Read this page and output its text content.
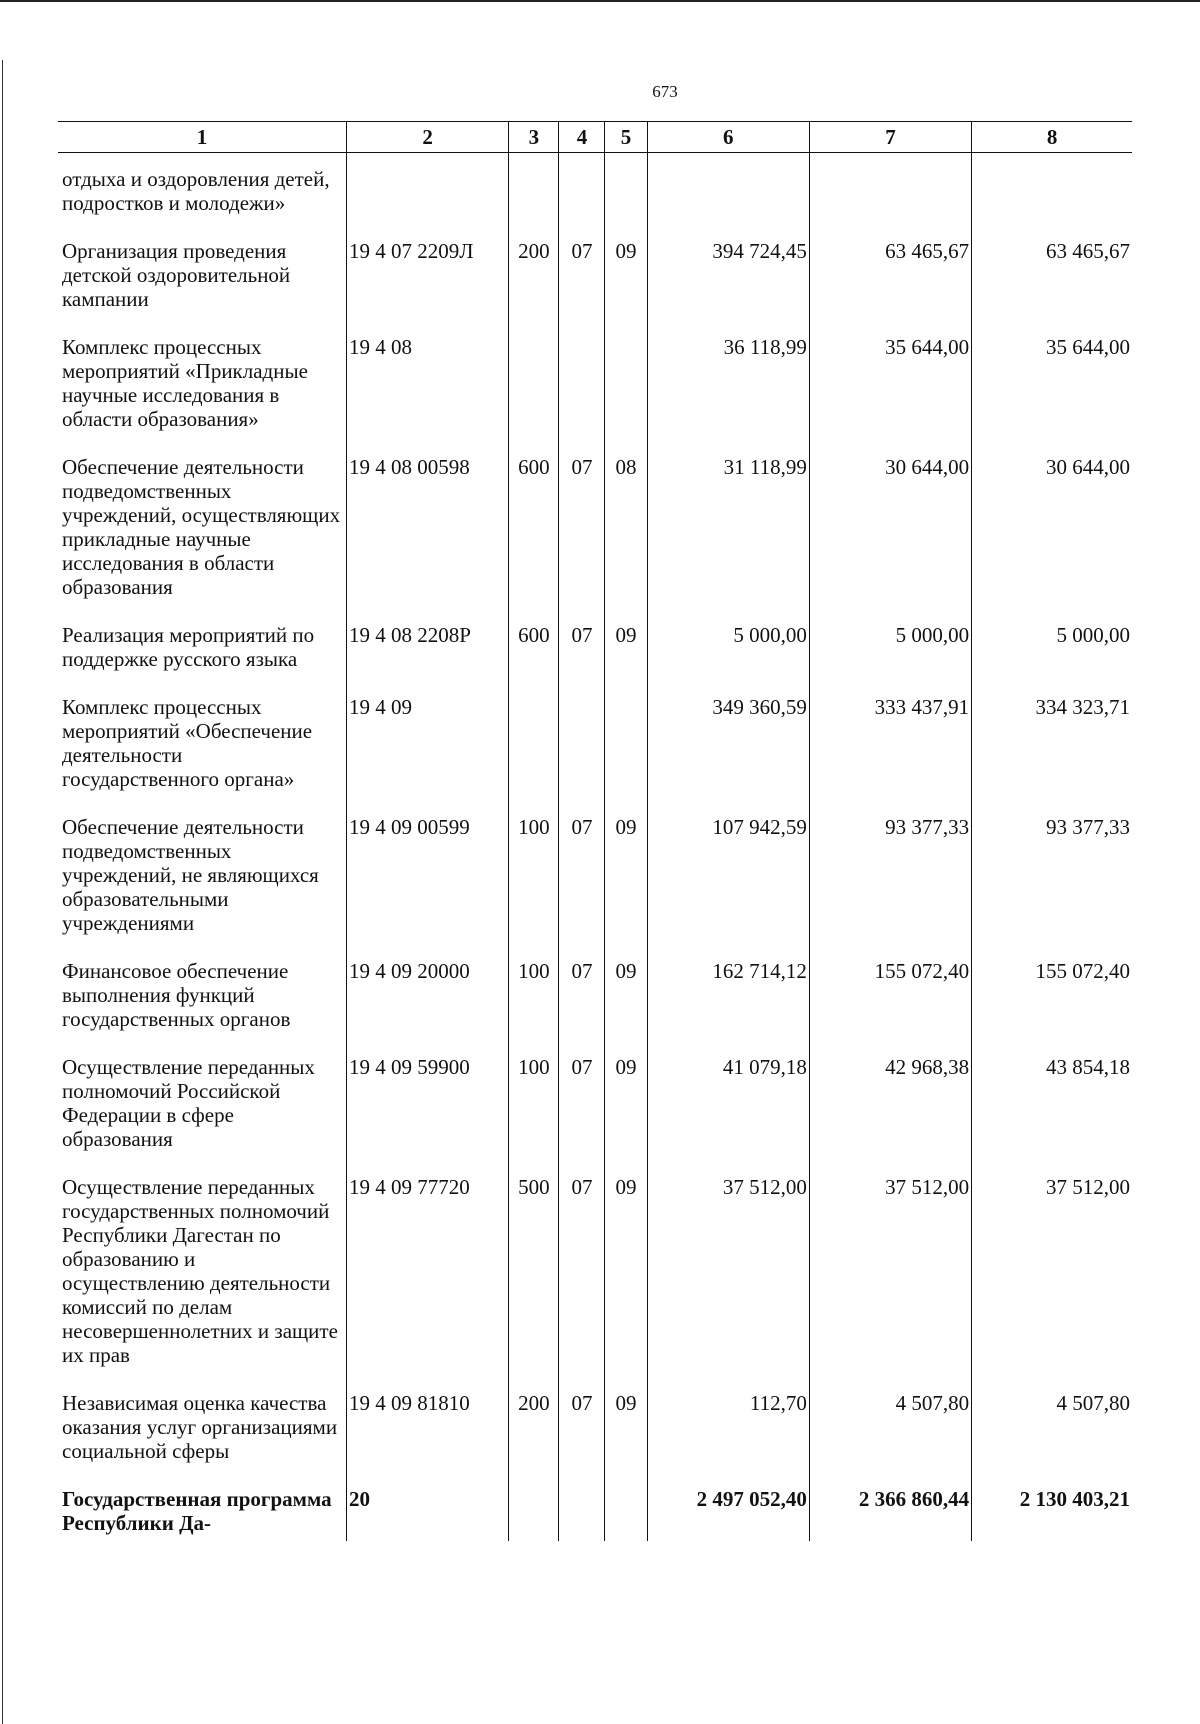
673
1	2	3	4	5	6	7	8
отдыха и оздоровления детей, подростков и молодежи»							
Организация проведения детской оздоровительной кампании	19 4 07 2209Л	200	07	09	394 724,45	63 465,67	63 465,67
Комплекс процессных мероприятий «Прикладные научные исследования в области образования»	19 4 08				36 118,99	35 644,00	35 644,00
Обеспечение деятельности подведомственных учреждений, осуществляющих прикладные научные исследования в области образования	19 4 08 00598	600	07	08	31 118,99	30 644,00	30 644,00
Реализация мероприятий по поддержке русского языка	19 4 08 2208Р	600	07	09	5 000,00	5 000,00	5 000,00
Комплекс процессных мероприятий «Обеспечение деятельности государственного органа»	19 4 09				349 360,59	333 437,91	334 323,71
Обеспечение деятельности подведомственных учреждений, не являющихся образовательными учреждениями	19 4 09 00599	100	07	09	107 942,59	93 377,33	93 377,33
Финансовое обеспечение выполнения функций государственных органов	19 4 09 20000	100	07	09	162 714,12	155 072,40	155 072,40
Осуществление переданных полномочий Российской Федерации в сфере образования	19 4 09 59900	100	07	09	41 079,18	42 968,38	43 854,18
Осуществление переданных государственных полномочий Республики Дагестан по образованию и осуществлению деятельности комиссий по делам несовершеннолетних и защите их прав	19 4 09 77720	500	07	09	37 512,00	37 512,00	37 512,00
Независимая оценка качества оказания услуг организациями социальной сферы	19 4 09 81810	200	07	09	112,70	4 507,80	4 507,80
Государственная программа Республики Да-	20				2 497 052,40	2 366 860,44	2 130 403,21
